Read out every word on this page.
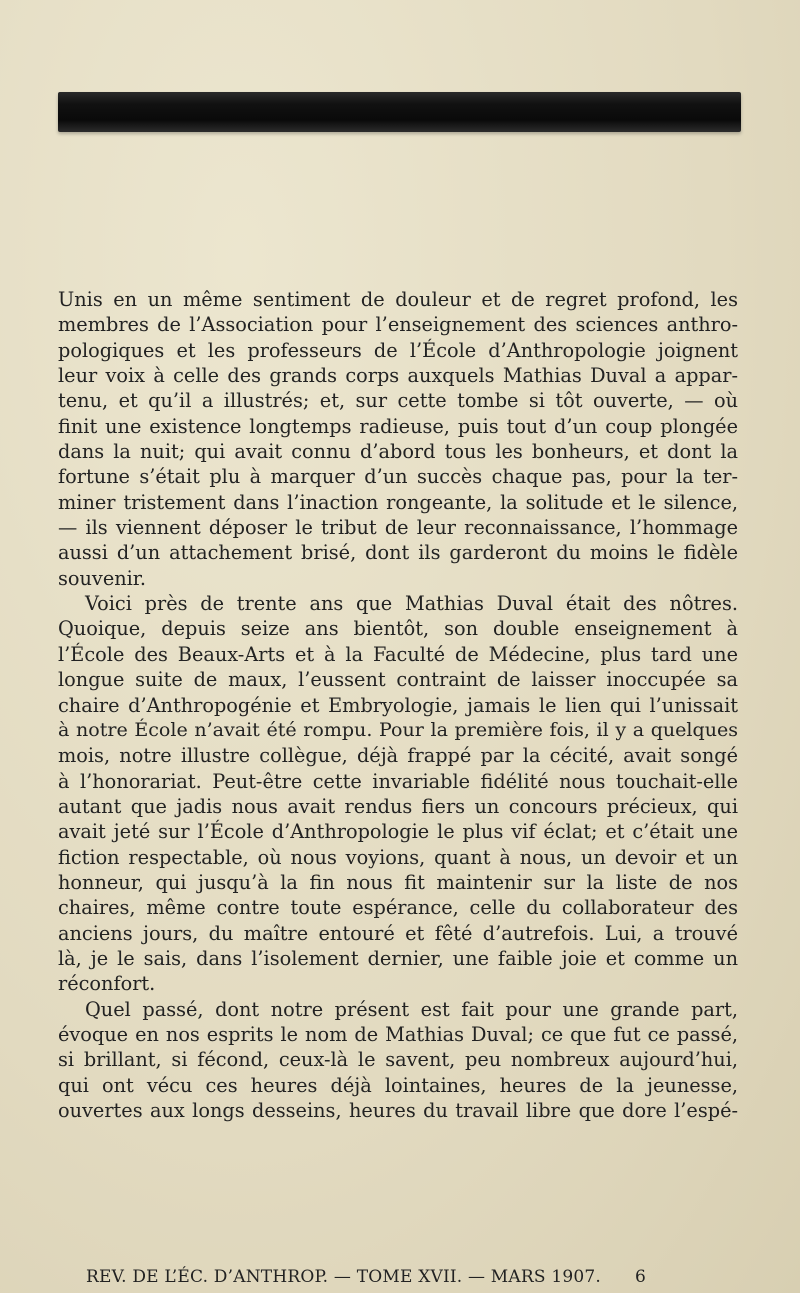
Unis en un même sentiment de douleur et de regret profond, les
membres de l’Association pour l’enseignement des sciences anthro-
pologiques et les professeurs de l’École d’Anthropologie joignent
leur voix à celle des grands corps auxquels Mathias Duval a appar-
tenu, et qu’il a illustrés; et, sur cette tombe si tôt ouverte, — où
finit une existence longtemps radieuse, puis tout d’un coup plongée
dans la nuit; qui avait connu d’abord tous les bonheurs, et dont la
fortune s’était plu à marquer d’un succès chaque pas, pour la ter-
miner tristement dans l’inaction rongeante, la solitude et le silence,
— ils viennent déposer le tribut de leur reconnaissance, l’hommage
aussi d’un attachement brisé, dont ils garderont du moins le fidèle
souvenir.
Voici près de trente ans que Mathias Duval était des nôtres.
Quoique, depuis seize ans bientôt, son double enseignement à
l’École des Beaux-Arts et à la Faculté de Médecine, plus tard une
longue suite de maux, l’eussent contraint de laisser inoccupée sa
chaire d’Anthropogénie et Embryologie, jamais le lien qui l’unissait
à notre École n’avait été rompu. Pour la première fois, il y a quelques
mois, notre illustre collègue, déjà frappé par la cécité, avait songé
à l’honorariat. Peut-être cette invariable fidélité nous touchait-elle
autant que jadis nous avait rendus fiers un concours précieux, qui
avait jeté sur l’École d’Anthropologie le plus vif éclat; et c’était une
fiction respectable, où nous voyions, quant à nous, un devoir et un
honneur, qui jusqu’à la fin nous fit maintenir sur la liste de nos
chaires, même contre toute espérance, celle du collaborateur des
anciens jours, du maître entouré et fêté d’autrefois. Lui, a trouvé
là, je le sais, dans l’isolement dernier, une faible joie et comme un
réconfort.
Quel passé, dont notre présent est fait pour une grande part,
évoque en nos esprits le nom de Mathias Duval; ce que fut ce passé,
si brillant, si fécond, ceux-là le savent, peu nombreux aujourd’hui,
qui ont vécu ces heures déjà lointaines, heures de la jeunesse,
ouvertes aux longs desseins, heures du travail libre que dore l’espé-
REV. DE L’ÉC. D’ANTHROP. — TOME XVII. — MARS 1907. 6
